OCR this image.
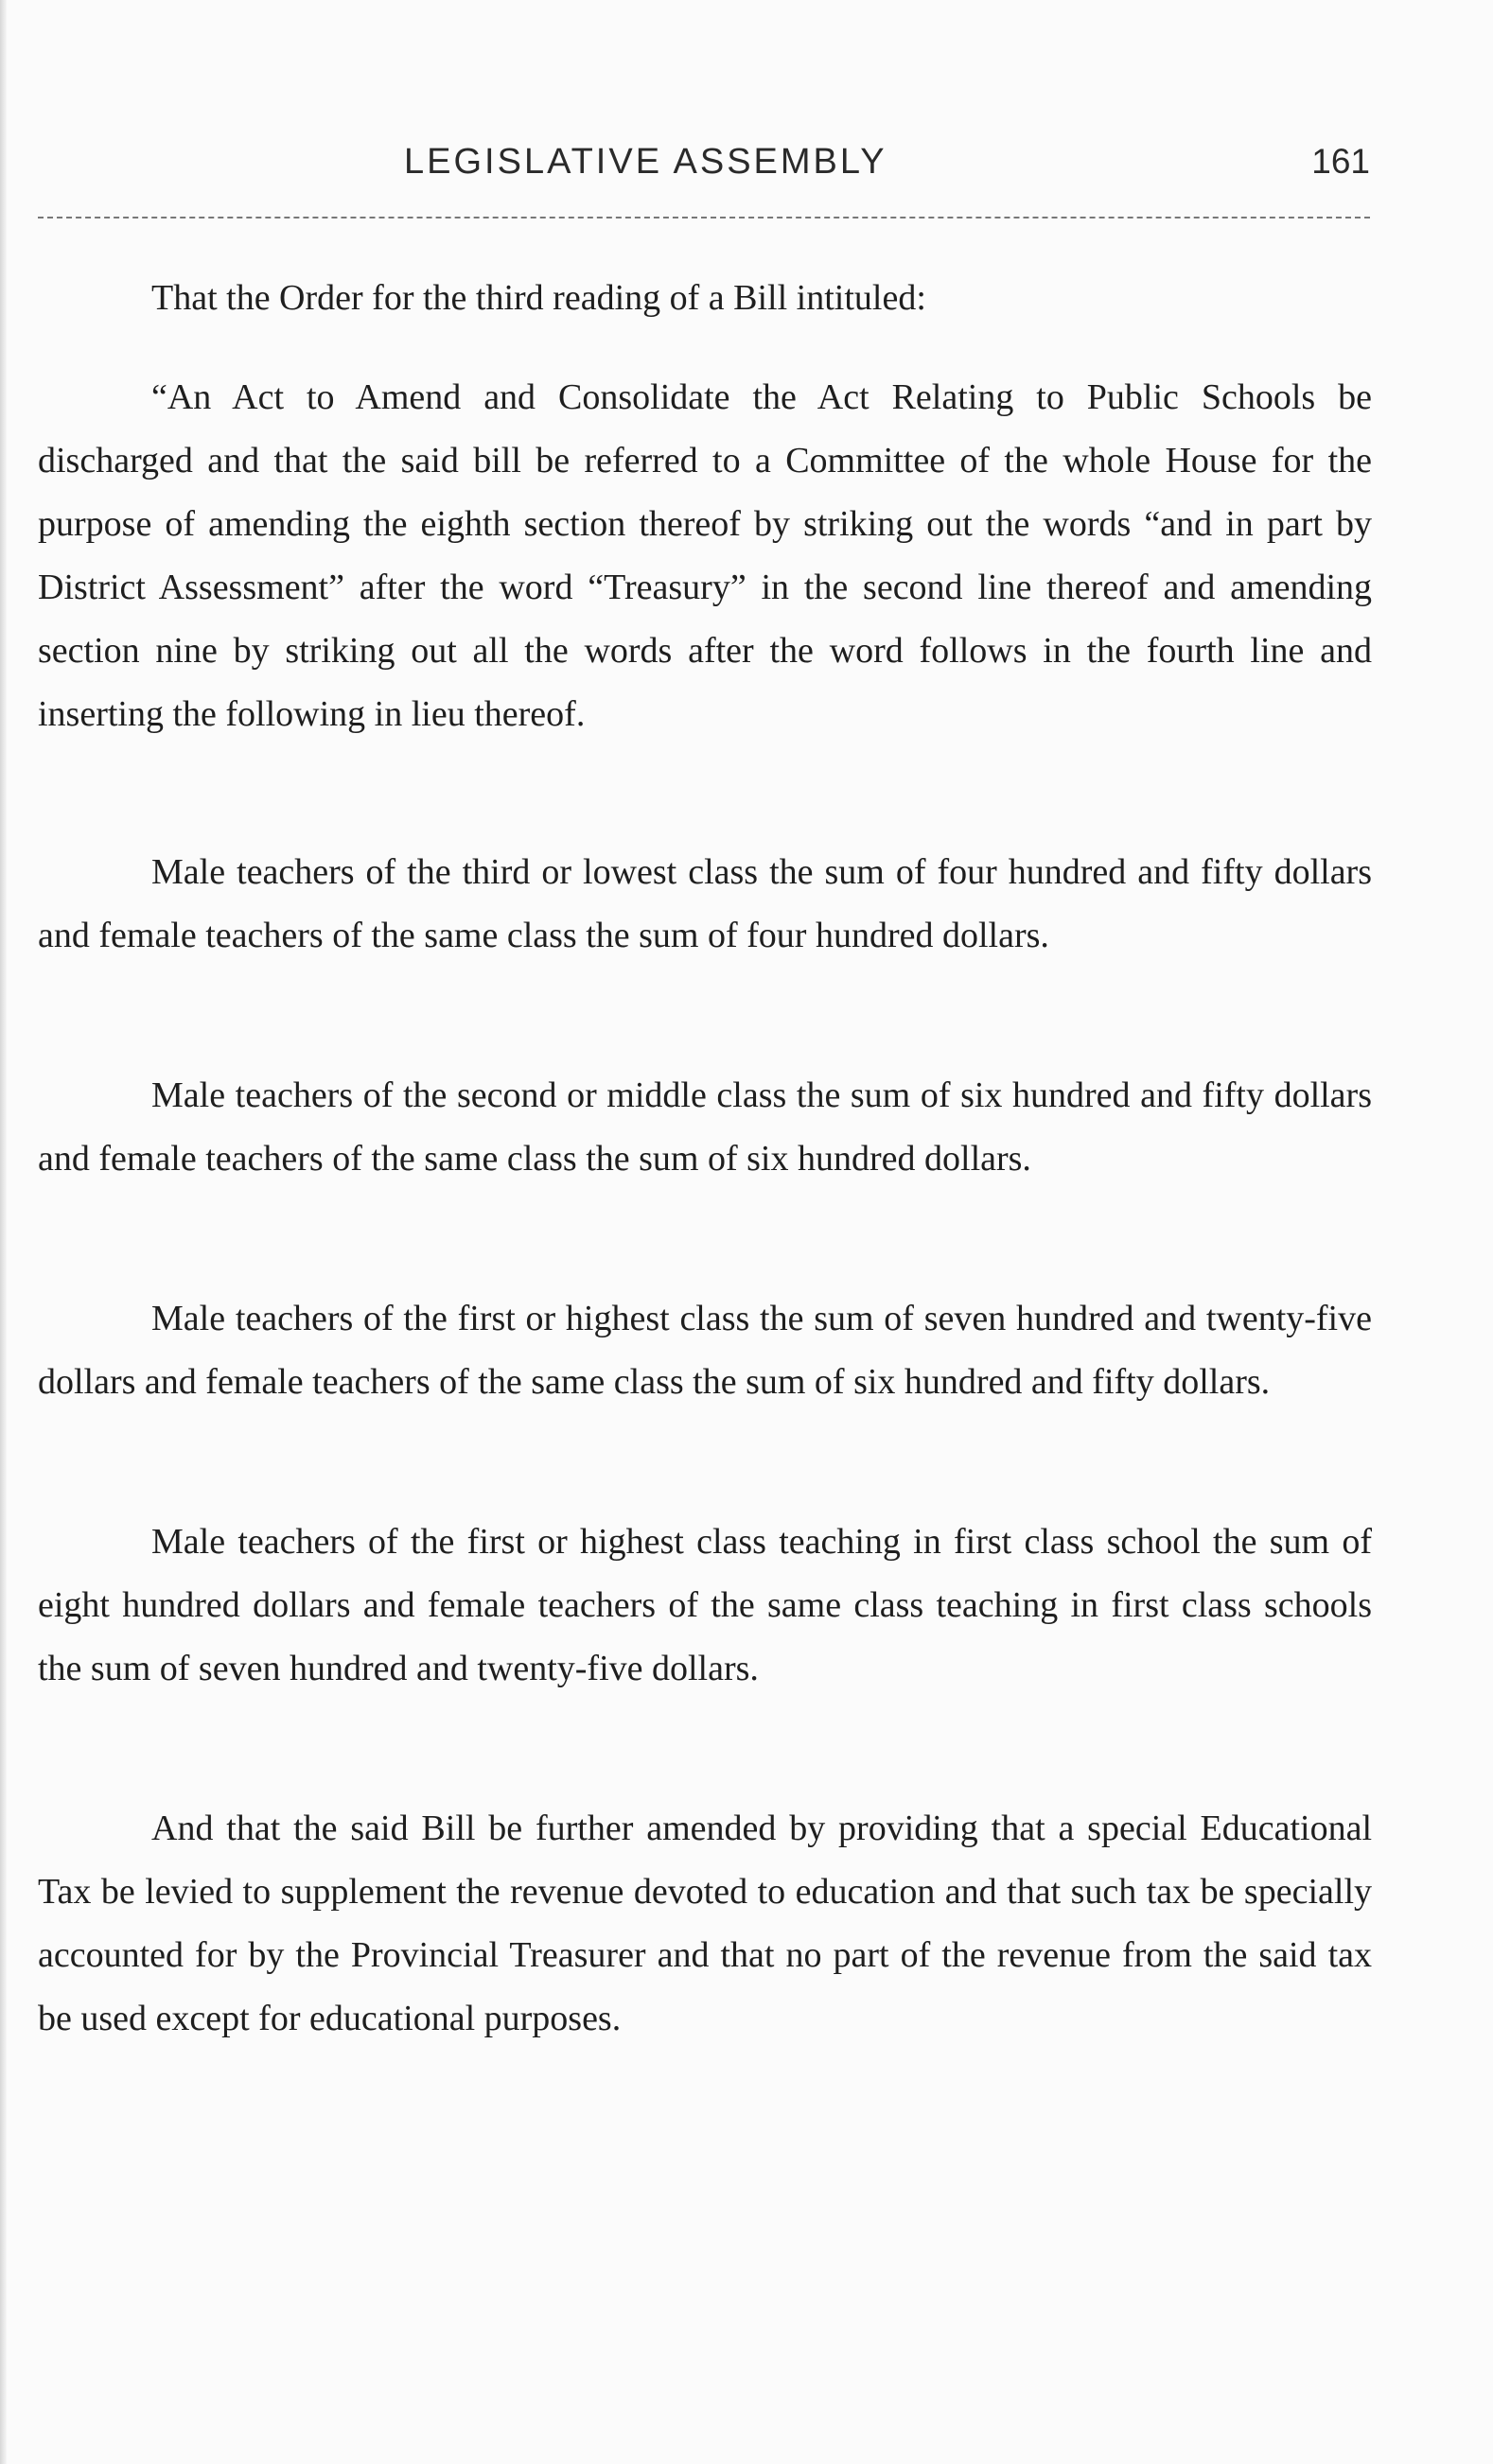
LEGISLATIVE ASSEMBLY	161

That the Order for the third reading of a Bill intituled:

“An Act to Amend and Consolidate the Act Relating to Public Schools be discharged and that the said bill be referred to a Committee of the whole House for the purpose of amending the eighth section thereof by striking out the words “and in part by District Assessment” after the word “Treasury” in the second line thereof and amending section nine by striking out all the words after the word follows in the fourth line and inserting the following in lieu thereof.

Male teachers of the third or lowest class the sum of four hundred and fifty dollars and female teachers of the same class the sum of four hundred dollars.

Male teachers of the second or middle class the sum of six hundred and fifty dollars and female teachers of the same class the sum of six hundred dollars.

Male teachers of the first or highest class the sum of seven hundred and twenty-five dollars and female teachers of the same class the sum of six hundred and fifty dollars.

Male teachers of the first or highest class teaching in first class school the sum of eight hundred dollars and female teachers of the same class teaching in first class schools the sum of seven hundred and twenty-five dollars.

And that the said Bill be further amended by providing that a special Educational Tax be levied to supplement the revenue devoted to education and that such tax be specially accounted for by the Provincial Treasurer and that no part of the revenue from the said tax be used except for educational purposes.
